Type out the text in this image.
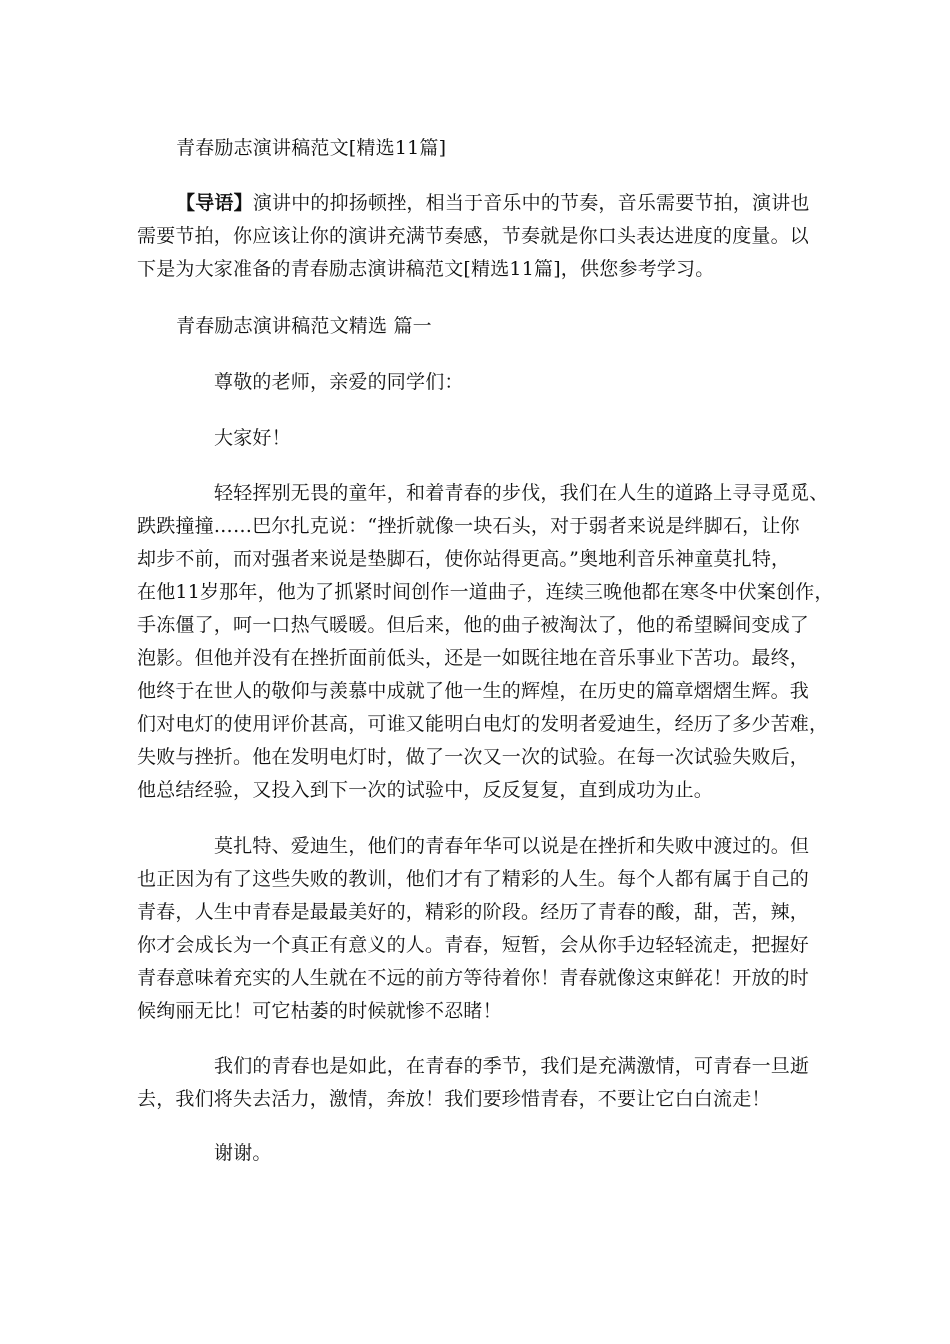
青春励志演讲稿范文[精选11篇]
【导语】演讲中的抑扬顿挫，相当于音乐中的节奏，音乐需要节拍，演讲也
需要节拍，你应该让你的演讲充满节奏感，节奏就是你口头表达进度的度量。以
下是为大家准备的青春励志演讲稿范文[精选11篇]，供您参考学习。
青春励志演讲稿范文精选 篇一
尊敬的老师，亲爱的同学们：
大家好！
轻轻挥别无畏的童年，和着青春的步伐，我们在人生的道路上寻寻觅觅、
跌跌撞撞……巴尔扎克说：“挫折就像一块石头，对于弱者来说是绊脚石，让你
却步不前，而对强者来说是垫脚石，使你站得更高。”奥地利音乐神童莫扎特，
在他11岁那年，他为了抓紧时间创作一道曲子，连续三晚他都在寒冬中伏案创作，
手冻僵了，呵一口热气暖暖。但后来，他的曲子被淘汰了，他的希望瞬间变成了
泡影。但他并没有在挫折面前低头，还是一如既往地在音乐事业下苦功。最终，
他终于在世人的敬仰与羡慕中成就了他一生的辉煌，在历史的篇章熠熠生辉。我
们对电灯的使用评价甚高，可谁又能明白电灯的发明者爱迪生，经历了多少苦难，
失败与挫折。他在发明电灯时，做了一次又一次的试验。在每一次试验失败后，
他总结经验，又投入到下一次的试验中，反反复复，直到成功为止。
莫扎特、爱迪生，他们的青春年华可以说是在挫折和失败中渡过的。但
也正因为有了这些失败的教训，他们才有了精彩的人生。每个人都有属于自己的
青春，人生中青春是最最美好的，精彩的阶段。经历了青春的酸，甜，苦，辣，
你才会成长为一个真正有意义的人。青春，短暂，会从你手边轻轻流走，把握好
青春意味着充实的人生就在不远的前方等待着你！青春就像这束鲜花！开放的时
候绚丽无比！可它枯萎的时候就惨不忍睹！
我们的青春也是如此，在青春的季节，我们是充满激情，可青春一旦逝
去，我们将失去活力，激情，奔放！我们要珍惜青春，不要让它白白流走！
谢谢。
